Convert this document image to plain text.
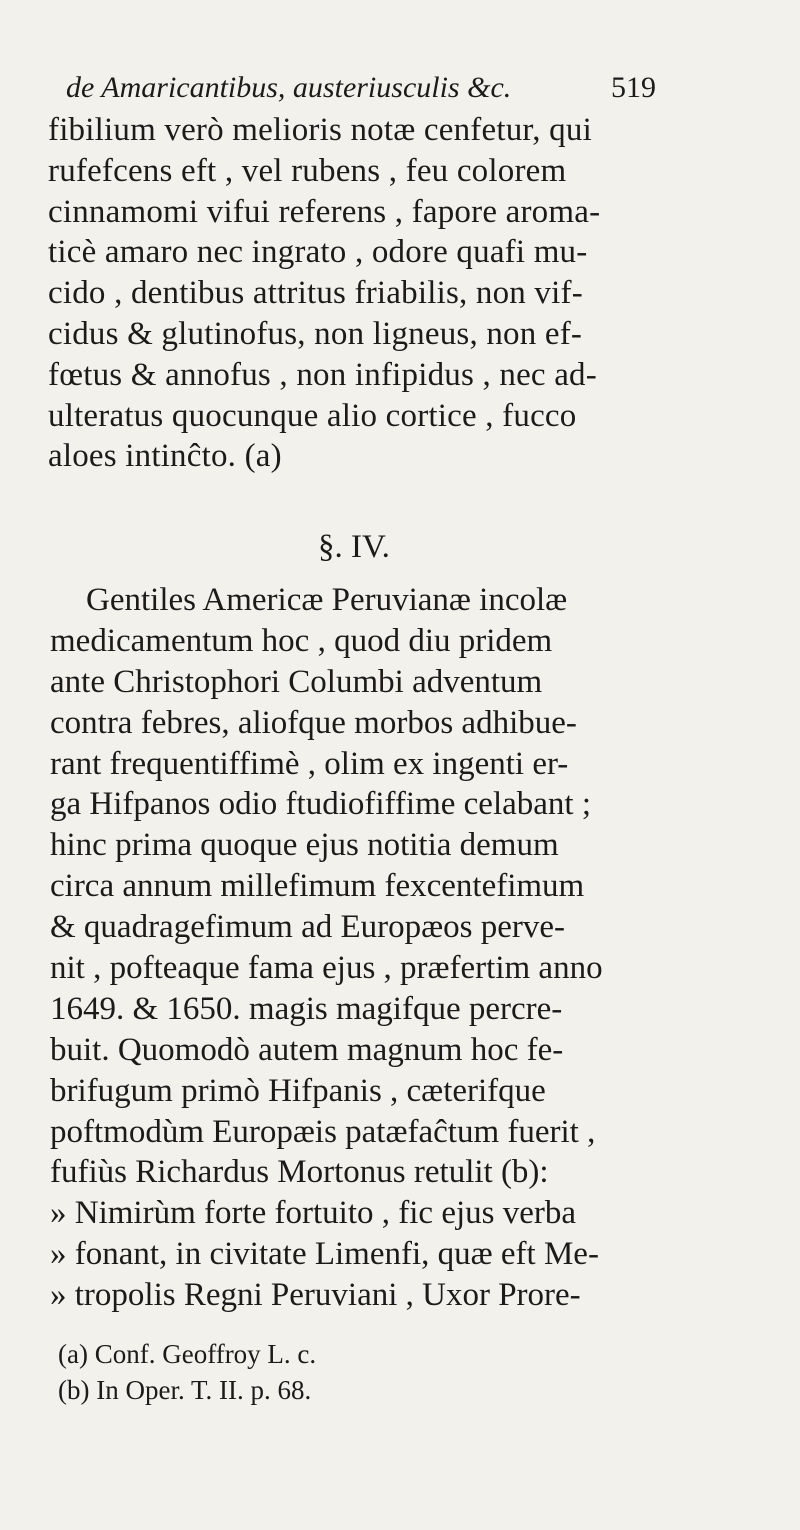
de Amaricantibus, austeriusculis &c.	519
fibilium verò melioris notæ cenfetur, qui
rufefcens eft , vel rubens , feu colorem
cinnamomi vifui referens , fapore aroma-
ticè amaro nec ingrato , odore quafi mu-
cido , dentibus attritus friabilis, non vif-
cidus & glutinofus, non ligneus, non ef-
fœtus & annofus , non infipidus , nec ad-
ulteratus quocunque alio cortice , fucco
aloes intinĉto. (a)
§. IV.
Gentiles Americæ Peruvianæ incolæ
medicamentum hoc , quod diu pridem
ante Christophori Columbi adventum
contra febres, aliofque morbos adhibue-
rant frequentiffimè , olim ex ingenti er-
ga Hifpanos odio ftudiofiffime celabant ;
hinc prima quoque ejus notitia demum
circa annum millefimum fexcentefimum
& quadragefimum ad Europæos perve-
nit , pofteaque fama ejus , præfertim anno
1649. & 1650. magis magifque percre-
buit. Quomodò autem magnum hoc fe-
brifugum primò Hifpanis , cæterifque
poftmodùm Europæis patæfaĉtum fuerit ,
fufiùs Richardus Mortonus retulit (b):
» Nimirùm forte fortuito , fic ejus verba
» fonant, in civitate Limenfi, quæ eft Me-
» tropolis Regni Peruviani , Uxor Prore-
(a) Conf. Geoffroy L. c.
(b) In Oper. T. II. p. 68.
